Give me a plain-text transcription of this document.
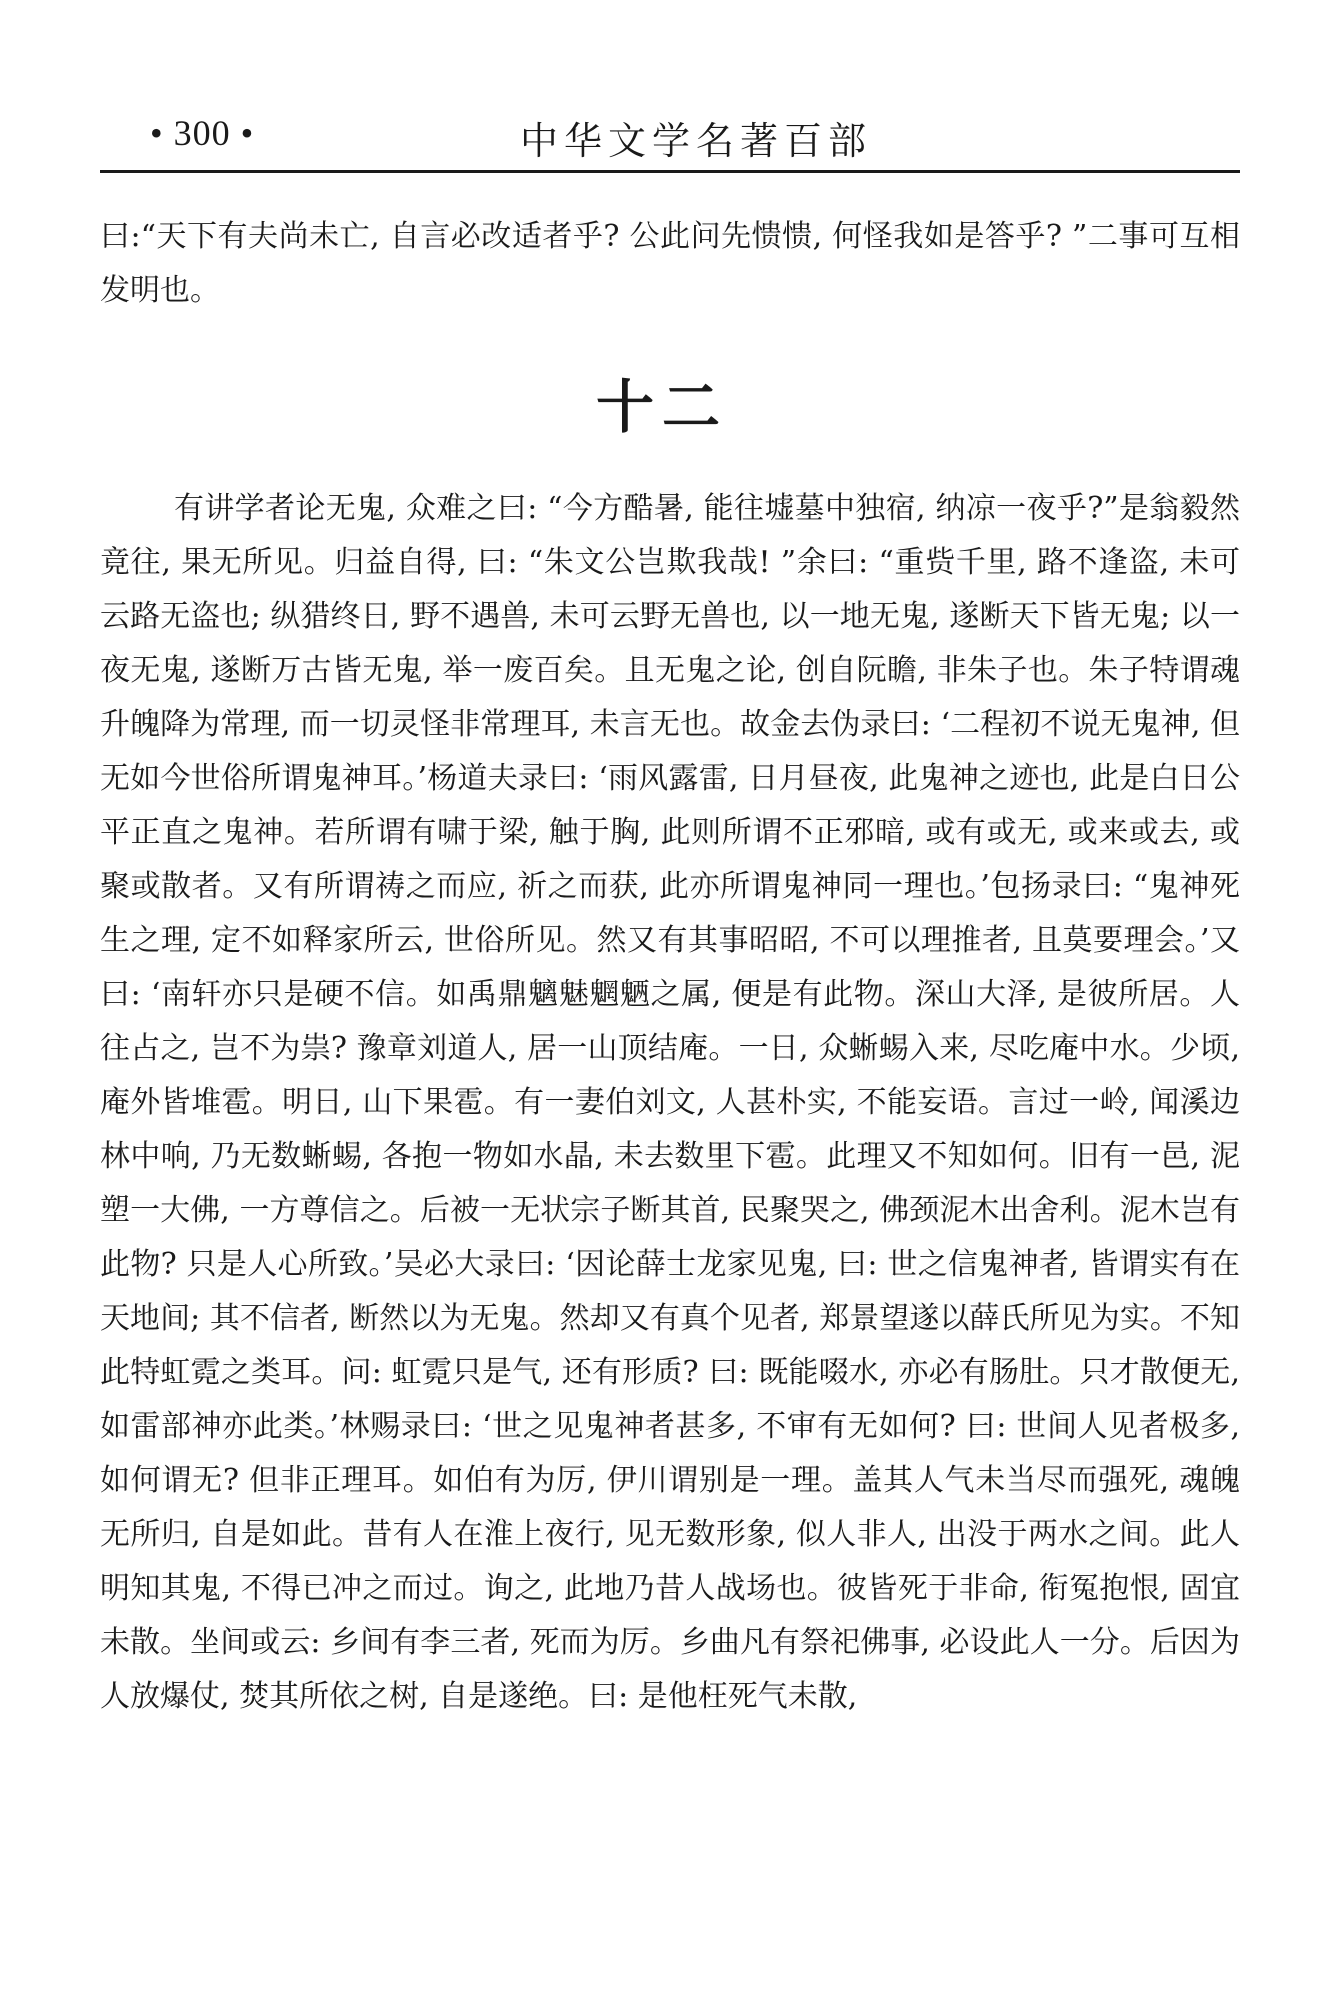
• 300 •	中华文学名著百部

曰:“天下有夫尚未亡, 自言必改适者乎? 公此问先愦愦, 何怪我如是答乎? ”二事可互相发明也。

十二

有讲学者论无鬼, 众难之曰: “今方酷暑, 能往墟墓中独宿, 纳凉一夜乎?”是翁毅然竟往, 果无所见。归益自得, 曰: “朱文公岂欺我哉! ”余曰: “重赀千里, 路不逢盗, 未可云路无盗也; 纵猎终日, 野不遇兽, 未可云野无兽也, 以一地无鬼, 遂断天下皆无鬼; 以一夜无鬼, 遂断万古皆无鬼, 举一废百矣。且无鬼之论, 创自阮瞻, 非朱子也。朱子特谓魂升魄降为常理, 而一切灵怪非常理耳, 未言无也。故金去伪录曰: ‘二程初不说无鬼神, 但无如今世俗所谓鬼神耳。’杨道夫录曰: ‘雨风露雷, 日月昼夜, 此鬼神之迹也, 此是白日公平正直之鬼神。若所谓有啸于梁, 触于胸, 此则所谓不正邪暗, 或有或无, 或来或去, 或聚或散者。又有所谓祷之而应, 祈之而获, 此亦所谓鬼神同一理也。’包扬录曰: “鬼神死生之理, 定不如释家所云, 世俗所见。然又有其事昭昭, 不可以理推者, 且莫要理会。’又曰: ‘南轩亦只是硬不信。如禹鼎魑魅魍魉之属, 便是有此物。深山大泽, 是彼所居。人往占之, 岂不为祟? 豫章刘道人, 居一山顶结庵。一日, 众蜥蜴入来, 尽吃庵中水。少顷, 庵外皆堆雹。明日, 山下果雹。有一妻伯刘文, 人甚朴实, 不能妄语。言过一岭, 闻溪边林中响, 乃无数蜥蜴, 各抱一物如水晶, 未去数里下雹。此理又不知如何。旧有一邑, 泥塑一大佛, 一方尊信之。后被一无状宗子断其首, 民聚哭之, 佛颈泥木出舍利。泥木岂有此物? 只是人心所致。’吴必大录曰: ‘因论薛士龙家见鬼, 曰: 世之信鬼神者, 皆谓实有在天地间; 其不信者, 断然以为无鬼。然却又有真个见者, 郑景望遂以薛氏所见为实。不知此特虹霓之类耳。问: 虹霓只是气, 还有形质? 曰: 既能啜水, 亦必有肠肚。只才散便无, 如雷部神亦此类。’林赐录曰: ‘世之见鬼神者甚多, 不审有无如何? 曰: 世间人见者极多, 如何谓无? 但非正理耳。如伯有为厉, 伊川谓别是一理。盖其人气未当尽而强死, 魂魄无所归, 自是如此。昔有人在淮上夜行, 见无数形象, 似人非人, 出没于两水之间。此人明知其鬼, 不得已冲之而过。询之, 此地乃昔人战场也。彼皆死于非命, 衔冤抱恨, 固宜未散。坐间或云: 乡间有李三者, 死而为厉。乡曲凡有祭祀佛事, 必设此人一分。后因为人放爆仗, 焚其所依之树, 自是遂绝。曰: 是他枉死气未散,
